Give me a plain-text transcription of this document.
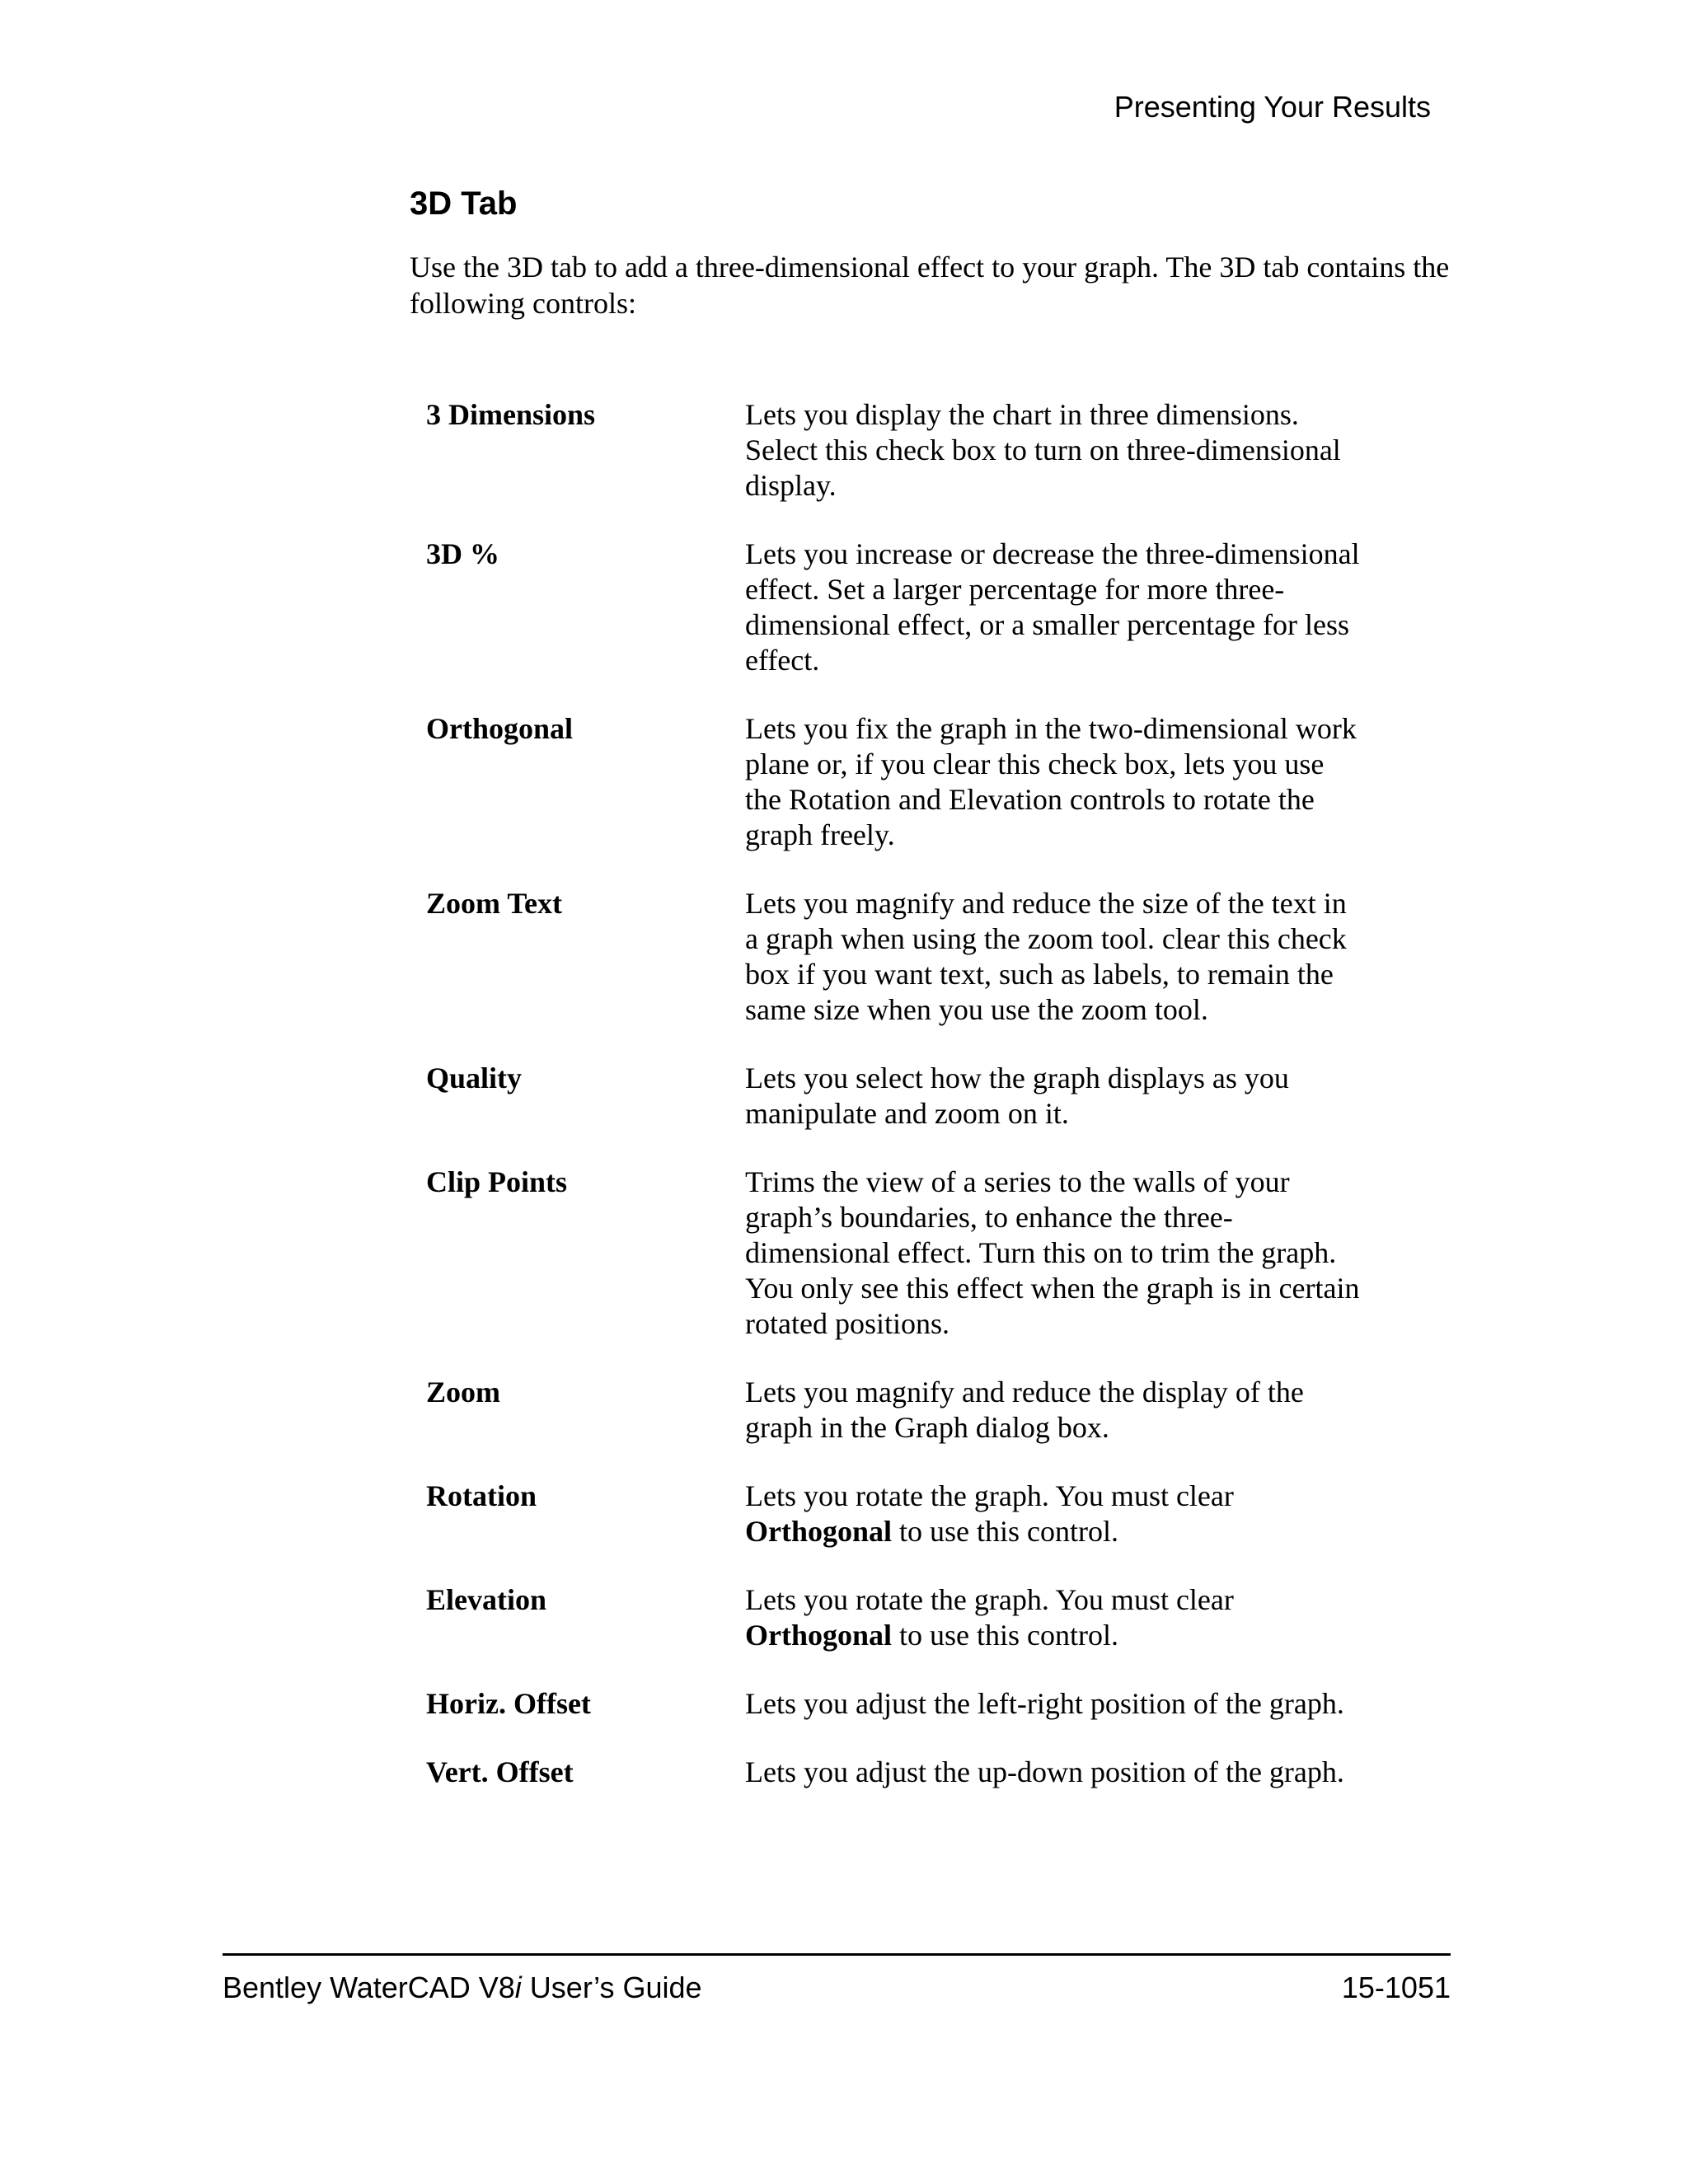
Presenting Your Results
3D Tab

Use the 3D tab to add a three-dimensional effect to your graph. The 3D tab contains the following controls:

3 Dimensions	Lets you display the chart in three dimensions. Select this check box to turn on three-dimensional display.
3D %	Lets you increase or decrease the three-dimensional effect. Set a larger percentage for more three-dimensional effect, or a smaller percentage for less effect.
Orthogonal	Lets you fix the graph in the two-dimensional work plane or, if you clear this check box, lets you use the Rotation and Elevation controls to rotate the graph freely.
Zoom Text	Lets you magnify and reduce the size of the text in a graph when using the zoom tool. clear this check box if you want text, such as labels, to remain the same size when you use the zoom tool.
Quality	Lets you select how the graph displays as you manipulate and zoom on it.
Clip Points	Trims the view of a series to the walls of your graph’s boundaries, to enhance the three-dimensional effect. Turn this on to trim the graph. You only see this effect when the graph is in certain rotated positions.
Zoom	Lets you magnify and reduce the display of the graph in the Graph dialog box.
Rotation	Lets you rotate the graph. You must clear Orthogonal to use this control.
Elevation	Lets you rotate the graph. You must clear Orthogonal to use this control.
Horiz. Offset	Lets you adjust the left-right position of the graph.
Vert. Offset	Lets you adjust the up-down position of the graph.
Bentley WaterCAD V8i User’s Guide	15-1051
